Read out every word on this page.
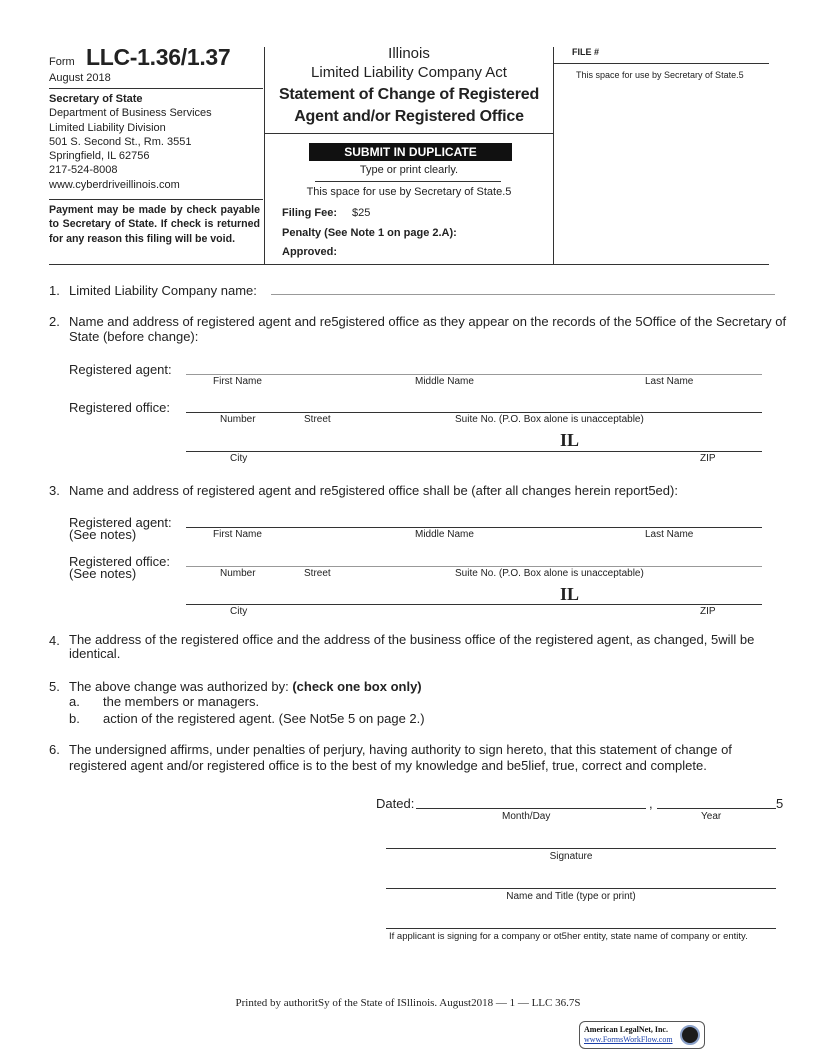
Form LLC-1.36/1.37
August 2018
Secretary of State
Department of Business Services
Limited Liability Division
501 S. Second St., Rm. 3551
Springfield, IL 62756
217-524-8008
www.cyberdriveillinois.com
Payment may be made by check payable to Secretary of State. If check is returned for any reason this filing will be void.
Illinois
Limited Liability Company Act
Statement of Change of Registered
Agent and/or Registered Office
SUBMIT IN DUPLICATE
Type or print clearly.
This space for use by Secretary of State.5
Filing Fee: $25
Penalty (See Note 1 on page 2.A):
Approved:
FILE #
This space for use by Secretary of State.5
1. Limited Liability Company name:
2. Name and address of registered agent and re5gistered office as they appear on the records of the 5Office of the Secretary of State (before change):
Registered agent:
First Name	Middle Name	Last Name
Registered office:
Number	Street	Suite No. (P.O. Box alone is unacceptable)
IL
City	ZIP
3. Name and address of registered agent and re5gistered office shall be (after all changes herein report5ed):
Registered agent:
(See notes)	First Name	Middle Name	Last Name
Registered office:
(See notes)	Number	Street	Suite No. (P.O. Box alone is unacceptable)
IL
City	ZIP
4. The address of the registered office and the address of the business office of the registered agent, as changed, 5will be identical.
5. The above change was authorized by: (check one box only)
a. the members or managers.
b. action of the registered agent. (See Not5e 5 on page 2.)
6. The undersigned affirms, under penalties of perjury, having authority to sign hereto, that this statement of change of registered agent and/or registered office is to the best of my knowledge and be5lief, true, correct and complete.
Dated:	,	5
Month/Day	Year
Signature
Name and Title (type or print)
If applicant is signing for a company or ot5her entity, state name of company or entity.
Printed by authoritSy of the State of ISllinois. August2018 — 1 — LLC 36.7S
American LegalNet, Inc.
www.FormsWorkFlow.com
